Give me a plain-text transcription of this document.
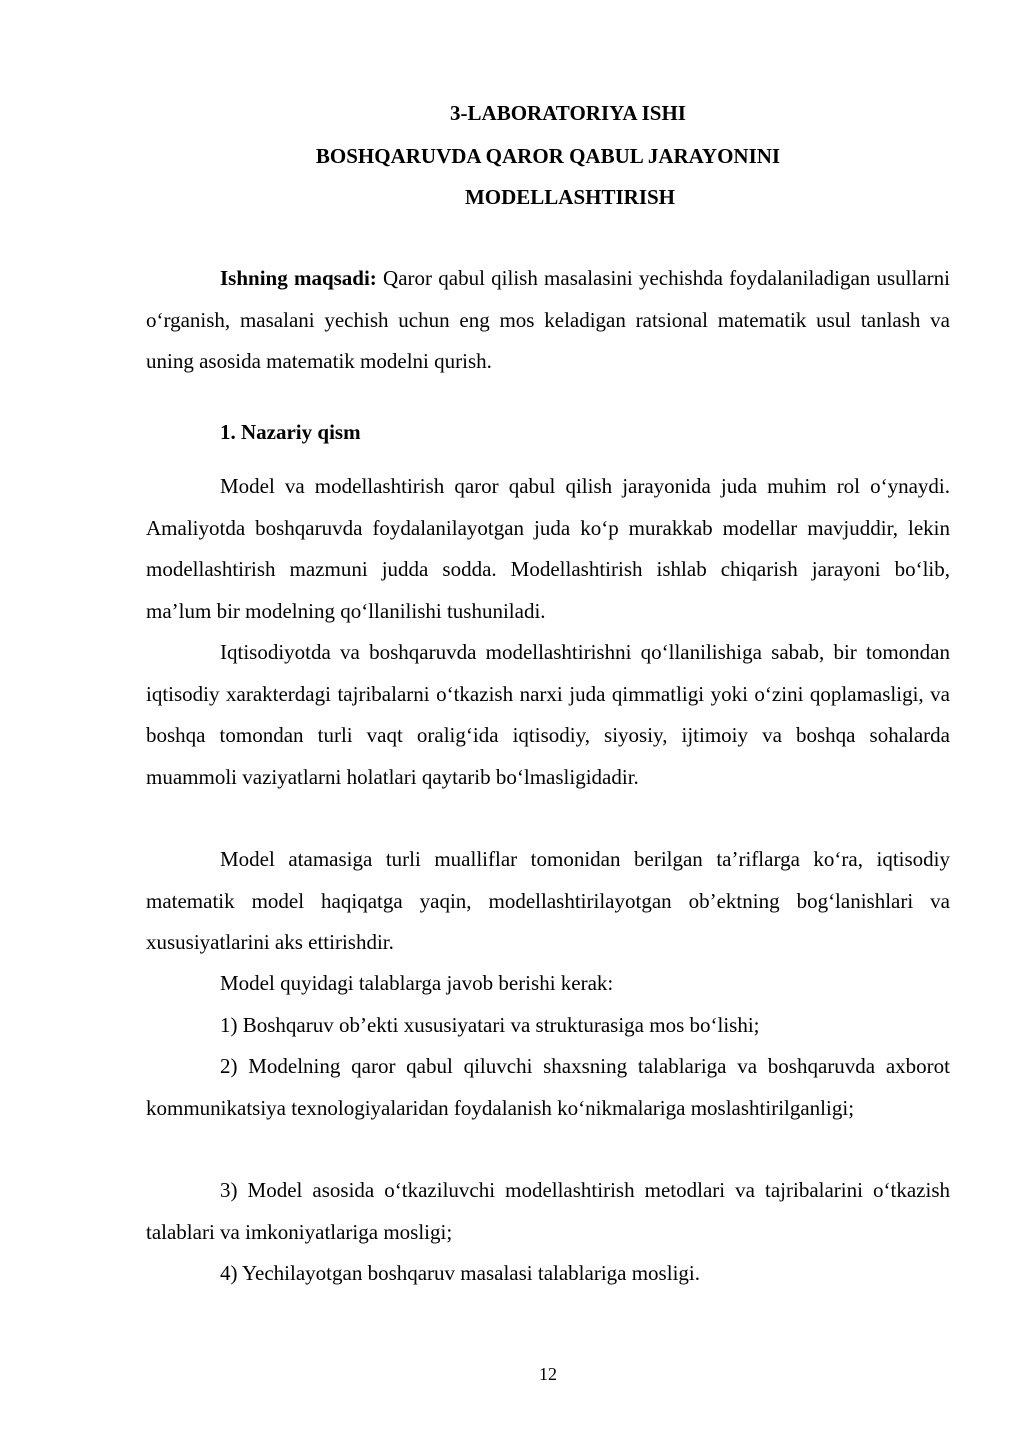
3-LABORATORIYA ISHI
BOSHQARUVDA QAROR QABUL JARAYONINI
MODELLASHTIRISH
Ishning maqsadi: Qaror qabul qilish masalasini yechishda foydalaniladigan usullarni o‘rganish, masalani yechish uchun eng mos keladigan ratsional matematik usul tanlash va uning asosida matematik modelni qurish.
1. Nazariy qism
Model va modellashtirish qaror qabul qilish jarayonida juda muhim rol o‘ynaydi. Amaliyotda boshqaruvda foydalanilayotgan juda ko‘p murakkab modellar mavjuddir, lekin modellashtirish mazmuni judda sodda. Modellashtirish ishlab chiqarish jarayoni bo‘lib, ma’lum bir modelning qo‘llanilishi tushuniladi.
Iqtisodiyotda va boshqaruvda modellashtirishni qo‘llanilishiga sabab, bir tomondan iqtisodiy xarakterdagi tajribalarni o‘tkazish narxi juda qimmatligi yoki o‘zini qoplamasligi, va boshqa tomondan turli vaqt oralig‘ida iqtisodiy, siyosiy, ijtimoiy va boshqa sohalarda muammoli vaziyatlarni holatlari qaytarib bo‘lmasligidadir.
Model atamasiga turli mualliflar tomonidan berilgan ta’riflarga ko‘ra, iqtisodiy matematik model haqiqatga yaqin, modellashtirilayotgan ob’ektning bog‘lanishlari va xususiyatlarini aks ettirishdir.
Model quyidagi talablarga javob berishi kerak:
1) Boshqaruv ob’ekti xususiyatari va strukturasiga mos bo‘lishi;
2) Modelning qaror qabul qiluvchi shaxsning talablariga va boshqaruvda axborot kommunikatsiya texnologiyalaridan foydalanish ko‘nikmalariga moslashtirilganligi;
3) Model asosida o‘tkaziluvchi modellashtirish metodlari va tajribalarini o‘tkazish talablari va imkoniyatlariga mosligi;
4) Yechilayotgan boshqaruv masalasi talablariga mosligi.
12
